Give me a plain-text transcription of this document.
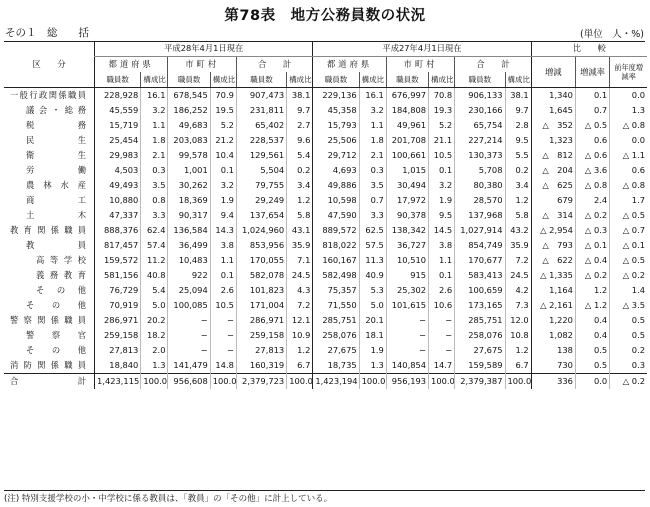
第78表　地方公務員数の状況
その１　総　　括	(単位　人・%)
区　　分	平成28年4月1日現在						平成27年4月1日現在						比　　較		
	都道府県		市町村		合　　計		都道府県		市町村		合　　計		増減	増減率	前年度増減率
	職員数	構成比	職員数	構成比	職員数	構成比	職員数	構成比	職員数	構成比	職員数	構成比			
一般行政関係職員	228,928	16.1	678,545	70.9	907,473	38.1	229,136	16.1	676,997	70.8	906,133	38.1	1,340	0.1	0.0
議会・総務	45,559	3.2	186,252	19.5	231,811	9.7	45,358	3.2	184,808	19.3	230,166	9.7	1,645	0.7	1.3
税　　　務	15,719	1.1	49,683	5.2	65,402	2.7	15,793	1.1	49,961	5.2	65,754	2.8	△　352	△ 0.5	△ 0.8
民　　　生	25,454	1.8	203,083	21.2	228,537	9.6	25,506	1.8	201,708	21.1	227,214	9.5	1,323	0.6	0.0
衛　　　生	29,983	2.1	99,578	10.4	129,561	5.4	29,712	2.1	100,661	10.5	130,373	5.5	△　812	△ 0.6	△ 1.1
労　　　働	4,503	0.3	1,001	0.1	5,504	0.2	4,693	0.3	1,015	0.1	5,708	0.2	△　204	△ 3.6	0.6
農林水産	49,493	3.5	30,262	3.2	79,755	3.4	49,886	3.5	30,494	3.2	80,380	3.4	△　625	△ 0.8	△ 0.8
商　　　工	10,880	0.8	18,369	1.9	29,249	1.2	10,598	0.7	17,972	1.9	28,570	1.2	679	2.4	1.7
土　　　木	47,337	3.3	90,317	9.4	137,654	5.8	47,590	3.3	90,378	9.5	137,968	5.8	△　314	△ 0.2	△ 0.5
教育関係職員	888,376	62.4	136,584	14.3	1,024,960	43.1	889,572	62.5	138,342	14.5	1,027,914	43.2	△ 2,954	△ 0.3	△ 0.7
教　　　員	817,457	57.4	36,499	3.8	853,956	35.9	818,022	57.5	36,727	3.8	854,749	35.9	△　793	△ 0.1	△ 0.1
高等学校	159,572	11.2	10,483	1.1	170,055	7.1	160,167	11.3	10,510	1.1	170,677	7.2	△　622	△ 0.4	△ 0.5
義務教育	581,156	40.8	922	0.1	582,078	24.5	582,498	40.9	915	0.1	583,413	24.5	△ 1,335	△ 0.2	△ 0.2
そ　の　他	76,729	5.4	25,094	2.6	101,823	4.3	75,357	5.3	25,302	2.6	100,659	4.2	1,164	1.2	1.4
そ　の　他	70,919	5.0	100,085	10.5	171,004	7.2	71,550	5.0	101,615	10.6	173,165	7.3	△ 2,161	△ 1.2	△ 3.5
警察関係職員	286,971	20.2	−	−	286,971	12.1	285,751	20.1	−	−	285,751	12.0	1,220	0.4	0.5
警　察　官	259,158	18.2	−	−	259,158	10.9	258,076	18.1	−	−	258,076	10.8	1,082	0.4	0.5
そ　の　他	27,813	2.0	−	−	27,813	1.2	27,675	1.9	−	−	27,675	1.2	138	0.5	0.2
消防関係職員	18,840	1.3	141,479	14.8	160,319	6.7	18,735	1.3	140,854	14.7	159,589	6.7	730	0.5	0.3
合　　　　計	1,423,115	100.0	956,608	100.0	2,379,723	100.0	1,423,194	100.0	956,193	100.0	2,379,387	100.0	336	0.0	△ 0.2
(注) 特別支援学校の小・中学校に係る教員は、「教員」の「その他」に計上している。
